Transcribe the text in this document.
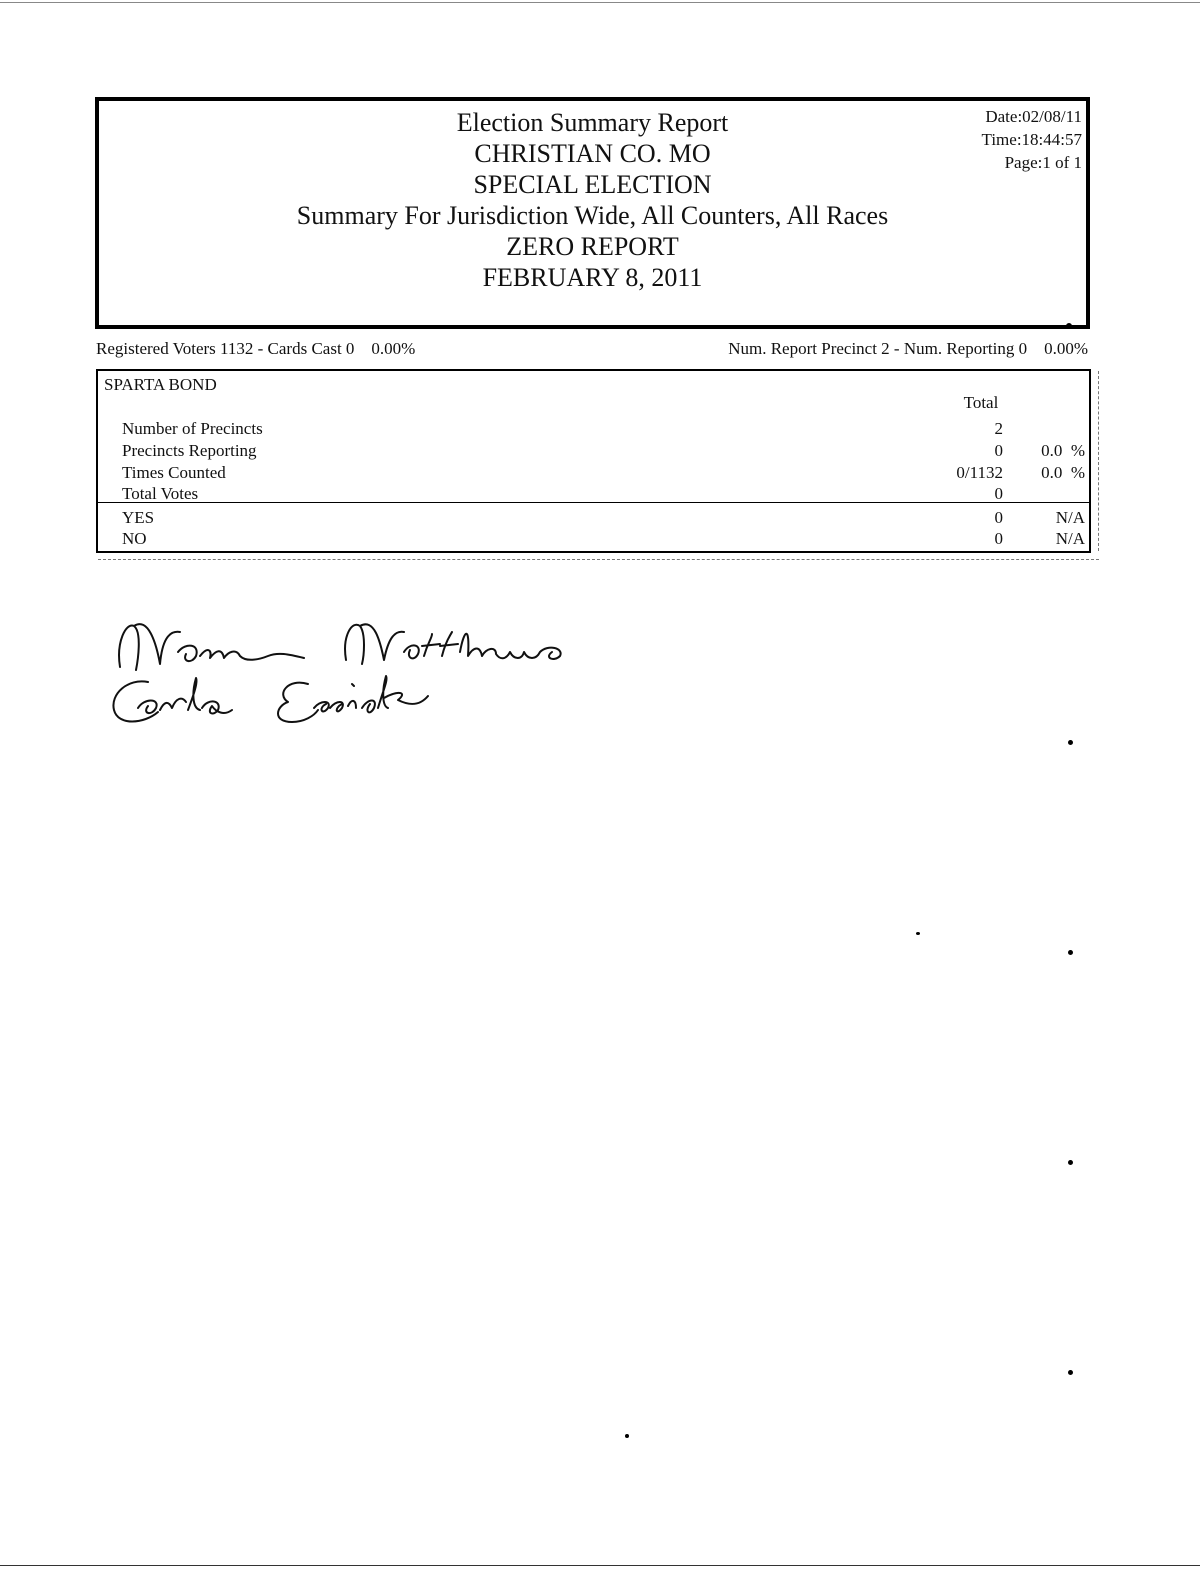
Election Summary Report
CHRISTIAN CO. MO
SPECIAL ELECTION
Summary For Jurisdiction Wide, All Counters, All Races
ZERO REPORT
FEBRUARY 8, 2011
Date:02/08/11
Time:18:44:57
Page:1 of 1
Registered Voters 1132 - Cards Cast 0    0.00%	Num. Report Precinct 2 - Num. Reporting 0    0.00%
SPARTA BOND
Total
Number of Precincts	2
Precincts Reporting	0 0.0  %
Times Counted	0/1132 0.0  %
Total Votes	0
YES	0	N/A
NO	0	N/A
